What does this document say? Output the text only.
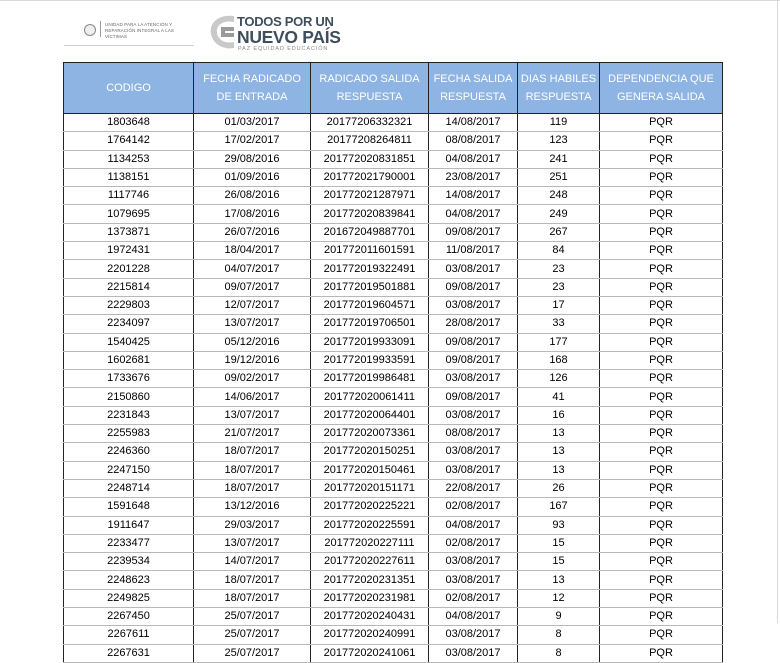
UNIDAD PARA LA ATENCIÓN Y REPARACIÓN INTEGRAL A LAS VÍCTIMAS
TODOS POR UN
NUEVO PAÍS
PAZ EQUIDAD EDUCACIÓN
CODIGO	FECHA RADICADO DE ENTRADA	RADICADO SALIDA RESPUESTA	FECHA SALIDA RESPUESTA	DIAS HABILES RESPUESTA	DEPENDENCIA QUE GENERA SALIDA
1803648	01/03/2017	20177206332321	14/08/2017	119	PQR
1764142	17/02/2017	20177208264811	08/08/2017	123	PQR
1134253	29/08/2016	201772020831851	04/08/2017	241	PQR
1138151	01/09/2016	201772021790001	23/08/2017	251	PQR
1117746	26/08/2016	201772021287971	14/08/2017	248	PQR
1079695	17/08/2016	201772020839841	04/08/2017	249	PQR
1373871	26/07/2016	20167204988770​1	09/08/2017	267	PQR
1972431	18/04/2017	201772011601591	11/08/2017	84	PQR
2201228	04/07/2017	201772019322491	03/08/2017	23	PQR
2215814	09/07/2017	201772019501881	09/08/2017	23	PQR
2229803	12/07/2017	201772019604571	03/08/2017	17	PQR
2234097	13/07/2017	201772019706501	28/08/2017	33	PQR
1540425	05/12/2016	201772019933091	09/08/2017	177	PQR
1602681	19/12/2016	201772019933591	09/08/2017	168	PQR
1733676	09/02/2017	201772019986481	03/08/2017	126	PQR
2150860	14/06/2017	201772020061411	09/08/2017	41	PQR
2231843	13/07/2017	201772020064401	03/08/2017	16	PQR
2255983	21/07/2017	201772020073361	08/08/2017	13	PQR
2246360	18/07/2017	201772020150251	03/08/2017	13	PQR
2247150	18/07/2017	201772020150461	03/08/2017	13	PQR
2248714	18/07/2017	201772020151171	22/08/2017	26	PQR
1591648	13/12/2016	201772020225221	02/08/2017	167	PQR
1911647	29/03/2017	201772020225591	04/08/2017	93	PQR
2233477	13/07/2017	201772020227111	02/08/2017	15	PQR
2239534	14/07/2017	201772020227611	03/08/2017	15	PQR
2248623	18/07/2017	201772020231351	03/08/2017	13	PQR
2249825	18/07/2017	201772020231981	02/08/2017	12	PQR
2267450	25/07/2017	201772020240431	04/08/2017	9	PQR
2267611	25/07/2017	201772020240991	03/08/2017	8	PQR
2267631	25/07/2017	201772020241061	03/08/2017	8	PQR
